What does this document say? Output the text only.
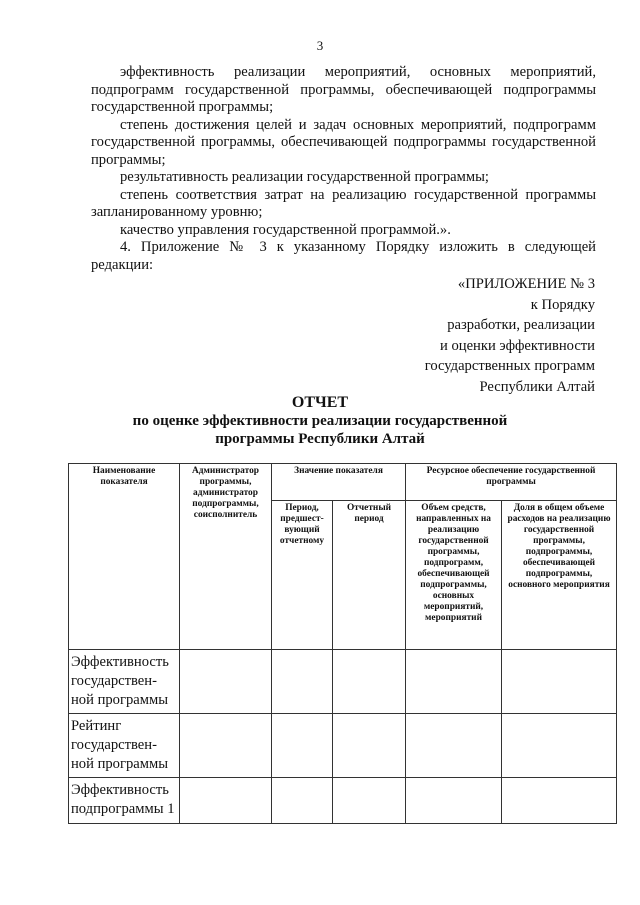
3

эффективность реализации мероприятий, основных мероприятий, подпрограмм государственной программы, обеспечивающей подпрограммы государственной программы;

степень достижения целей и задач основных мероприятий, подпрограмм государственной программы, обеспечивающей подпрограммы государственной программы;

результативность реализации государственной программы;

степень соответствия затрат на реализацию государственной программы запланированному уровню;

качество управления государственной программой.».

4. Приложение № 3 к указанному Порядку изложить в следующей редакции:

«ПРИЛОЖЕНИЕ № 3
к Порядку
разработки, реализации
и оценки эффективности
государственных программ
Республики Алтай
ОТЧЕТ
по оценке эффективности реализации государственной
программы Республики Алтай
Наименование показателя	Администратор программы, администратор подпрограммы, соисполнитель	Значение показателя		Ресурсное обеспечение государственной программы	
		Период, предшест-вующий отчетному	Отчетный период	Объем средств, направленных на реализацию государственной программы, подпрограмм, обеспечивающей подпрограммы, основных мероприятий, мероприятий	Доля в общем объеме расходов на реализацию государственной программы, подпрограммы, обеспечивающей подпрограммы, основного мероприятия
Эффективность государствен-ной программы					
Рейтинг государствен-ной программы					
Эффективность подпрограммы 1					
